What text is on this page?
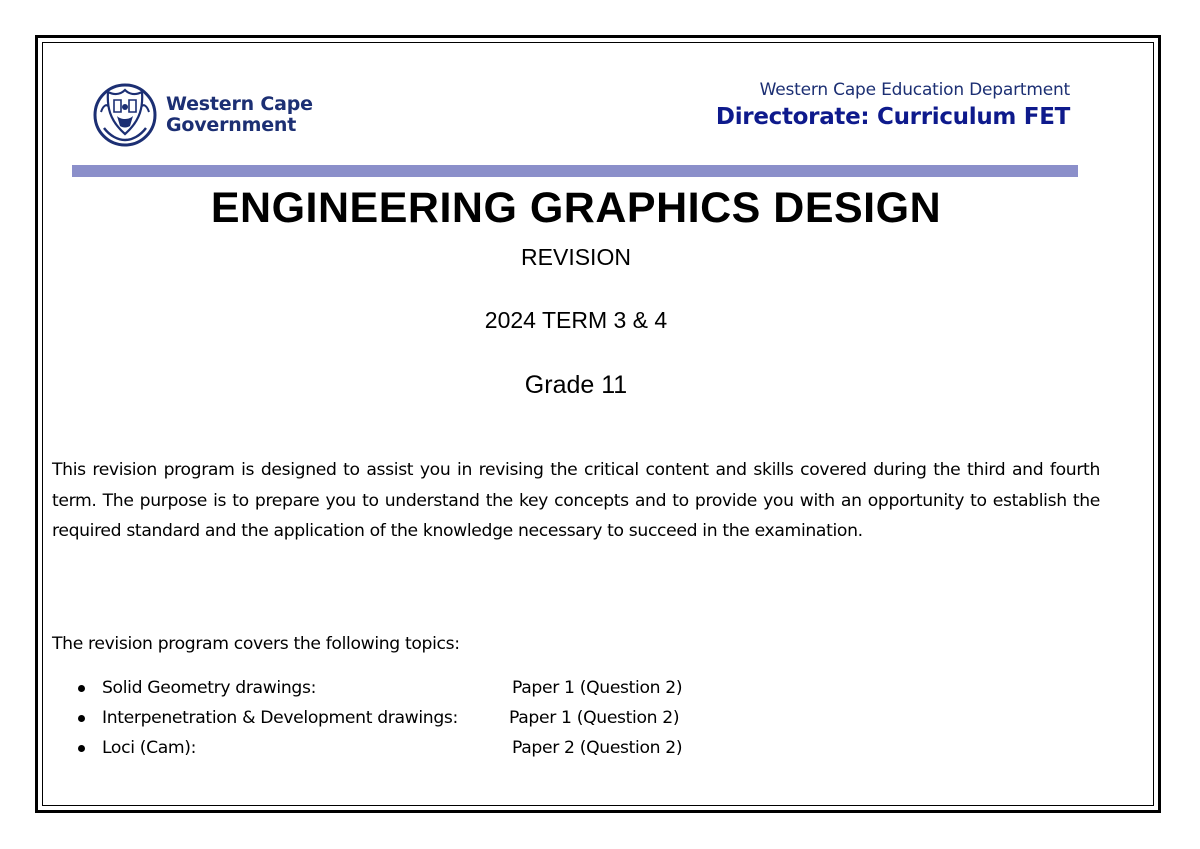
Western Cape
Government
Western Cape Education Department
Directorate: Curriculum FET
ENGINEERING GRAPHICS DESIGN
REVISION
2024 TERM 3 & 4
Grade 11
This revision program is designed to assist you in revising the critical content and skills covered during the third and fourth term. The purpose is to prepare you to understand the key concepts and to provide you with an opportunity to establish the required standard and the application of the knowledge necessary to succeed in the examination.
The revision program covers the following topics:
Solid Geometry drawings:	Paper 1 (Question 2)
Interpenetration & Development drawings:	Paper 1 (Question 2)
Loci (Cam):	Paper 2 (Question 2)
